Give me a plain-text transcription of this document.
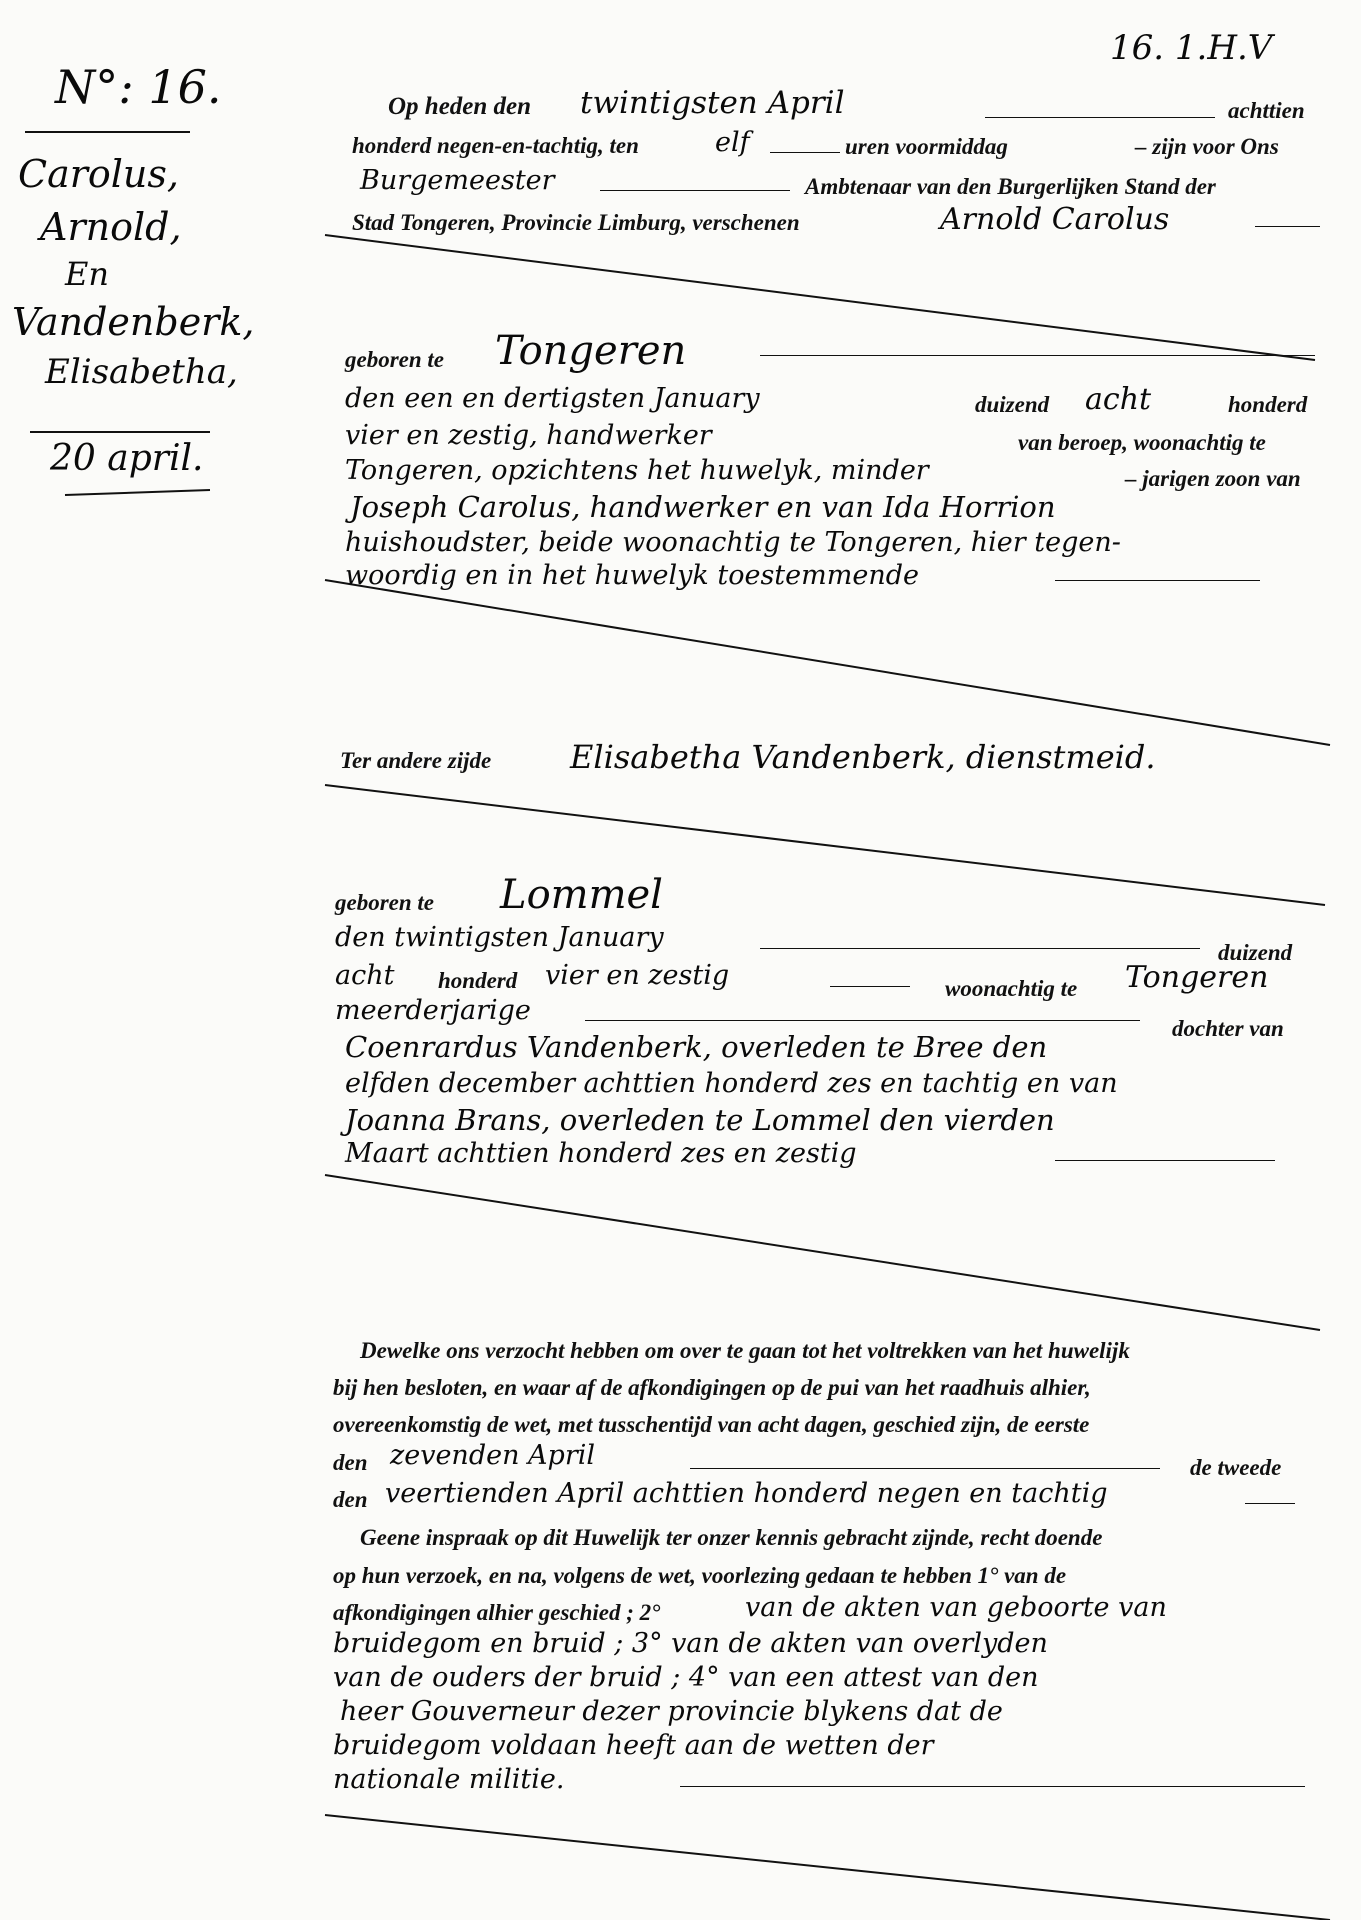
16. 1.H.V
N°: 16.
Carolus,
Arnold,
En
Vandenberk,
Elisabetha,
20 april.
Op heden den twintigsten April	achttien
honderd negen-en-tachtig, ten	elf	uren voormiddag	– zijn voor Ons
Burgemeester	Ambtenaar van den Burgerlijken Stand der
Stad Tongeren, Provincie Limburg, verschenen	Arnold Carolus
geboren te Tongeren
den een en dertigsten January	duizend acht	honderd
vier en zestig, handwerker	van beroep, woonachtig te
Tongeren, opzichtens het huwelyk, minder	– jarigen zoon van
Joseph Carolus, handwerker en van Ida Horrion
huishoudster, beide woonachtig te Tongeren, hier tegen-
woordig en in het huwelyk toestemmende
Ter andere zijde Elisabetha Vandenberk, dienstmeid.
geboren te Lommel
den twintigsten January	duizend
acht honderd vier en zestig	woonachtig te Tongeren
meerderjarige
dochter van
Coenrardus Vandenberk, overleden te Bree den
elfden december achttien honderd zes en tachtig en van
Joanna Brans, overleden te Lommel den vierden
Maart achttien honderd zes en zestig
Dewelke ons verzocht hebben om over te gaan tot het voltrekken van het huwelijk
bij hen besloten, en waar af de afkondigingen op de pui van het raadhuis alhier,
overeenkomstig de wet, met tusschentijd van acht dagen, geschied zijn, de eerste
den zevenden April	de tweede
den veertienden April achttien honderd negen en tachtig
Geene inspraak op dit Huwelijk ter onzer kennis gebracht zijnde, recht doende
op hun verzoek, en na, volgens de wet, voorlezing gedaan te hebben 1° van de
afkondigingen alhier geschied ; 2°	van de akten van geboorte van
bruidegom en bruid ; 3° van de akten van overlyden
van de ouders der bruid ; 4° van een attest van den
heer Gouverneur dezer provincie blykens dat de
bruidegom voldaan heeft aan de wetten der
nationale militie.
